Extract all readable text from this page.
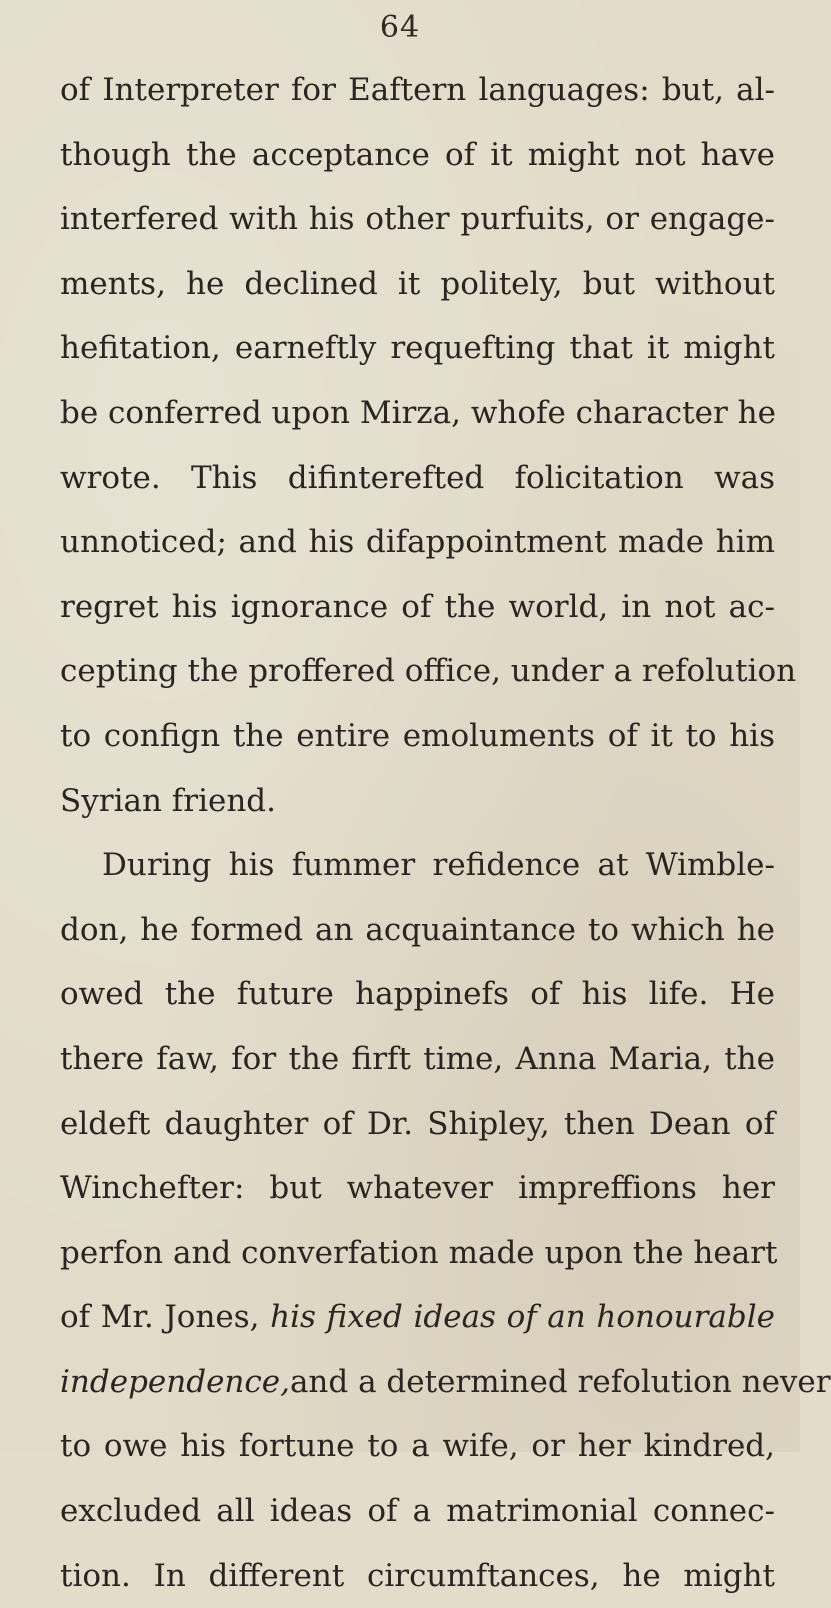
64
of Interpreter for Eaftern languages: but, al-
though the acceptance of it might not have
interfered with his other purfuits, or engage-
ments, he declined it politely, but without
hefitation, earneftly requefting that it might
be conferred upon Mirza, whofe character he
wrote. This difinterefted folicitation was
unnoticed; and his difappointment made him
regret his ignorance of the world, in not ac-
cepting the proffered office, under a refolution
to confign the entire emoluments of it to his
Syrian friend.
During his fummer refidence at Wimble-
don, he formed an acquaintance to which he
owed the future happinefs of his life. He
there faw, for the firft time, Anna Maria, the
eldeft daughter of Dr. Shipley, then Dean of
Winchefter: but whatever impreffions her
perfon and converfation made upon the heart
of Mr. Jones, his fixed ideas of an honourable
independence,and a determined refolution never
to owe his fortune to a wife, or her kindred,
excluded all ideas of a matrimonial connec-
tion. In different circumftances, he might
